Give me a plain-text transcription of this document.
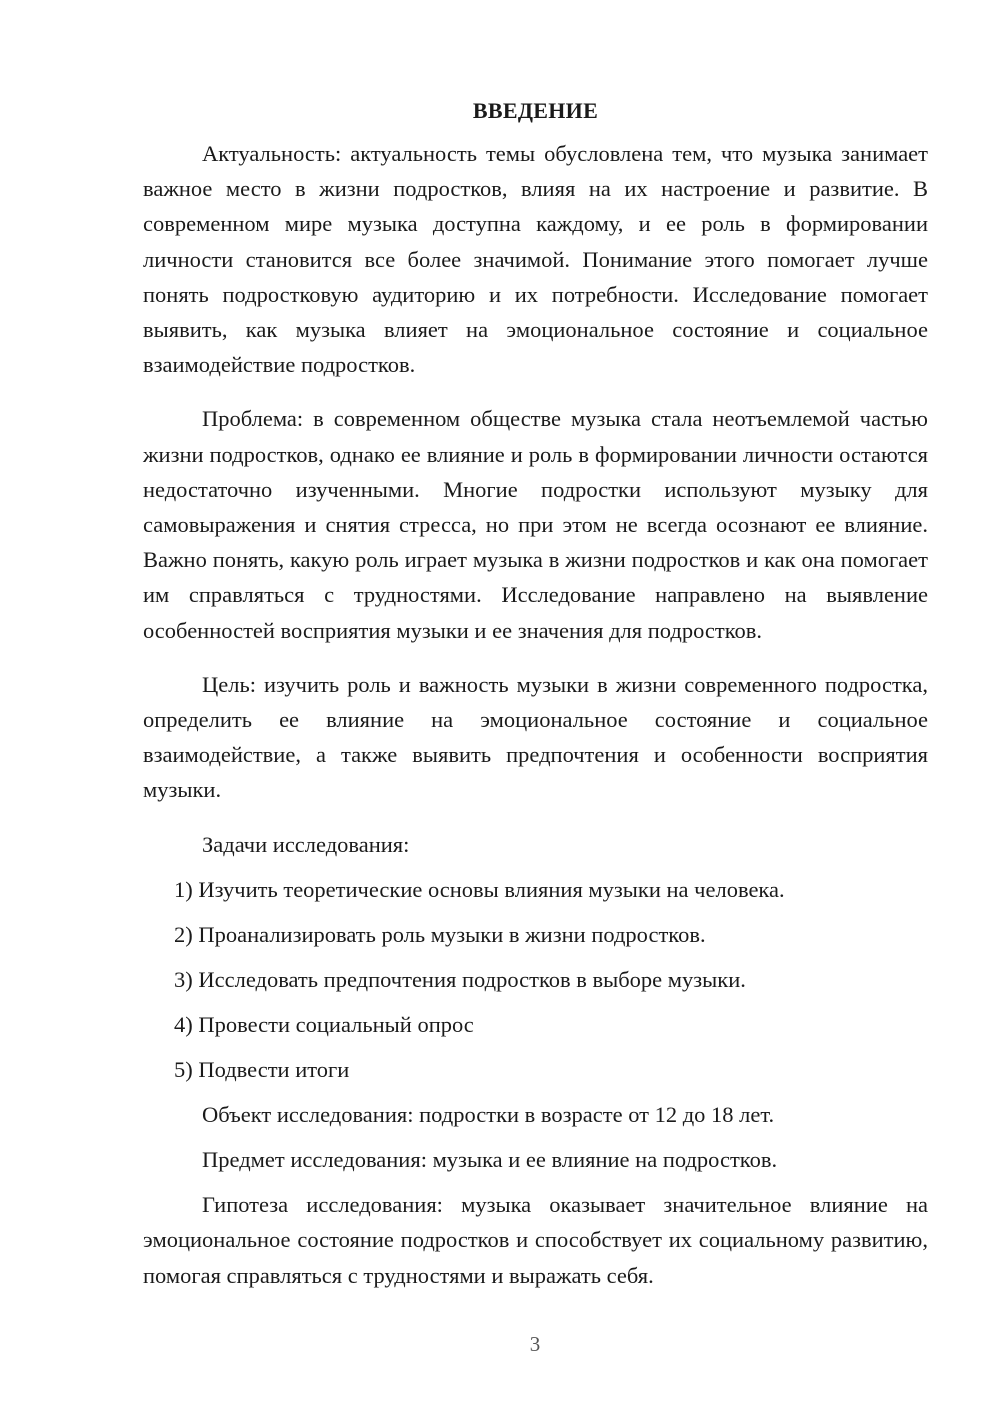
ВВЕДЕНИЕ

Актуальность: актуальность темы обусловлена тем, что музыка занимает важное место в жизни подростков, влияя на их настроение и развитие. В современном мире музыка доступна каждому, и ее роль в формировании личности становится все более значимой. Понимание этого помогает лучше понять подростковую аудиторию и их потребности. Исследование помогает выявить, как музыка влияет на эмоциональное состояние и социальное взаимодействие подростков.

Проблема: в современном обществе музыка стала неотъемлемой частью жизни подростков, однако ее влияние и роль в формировании личности остаются недостаточно изученными. Многие подростки используют музыку для самовыражения и снятия стресса, но при этом не всегда осознают ее влияние. Важно понять, какую роль играет музыка в жизни подростков и как она помогает им справляться с трудностями. Исследование направлено на выявление особенностей восприятия музыки и ее значения для подростков.

Цель: изучить роль и важность музыки в жизни современного подростка, определить ее влияние на эмоциональное состояние и социальное взаимодействие, а также выявить предпочтения и особенности восприятия музыки.

Задачи исследования:

1) Изучить теоретические основы влияния музыки на человека.
2) Проанализировать роль музыки в жизни подростков.
3) Исследовать предпочтения подростков в выборе музыки.
4) Провести социальный опрос
5) Подвести итоги

Объект исследования: подростки в возрасте от 12 до 18 лет.

Предмет исследования: музыка и ее влияние на подростков.

Гипотеза исследования: музыка оказывает значительное влияние на эмоциональное состояние подростков и способствует их социальному развитию, помогая справляться с трудностями и выражать себя.

3
